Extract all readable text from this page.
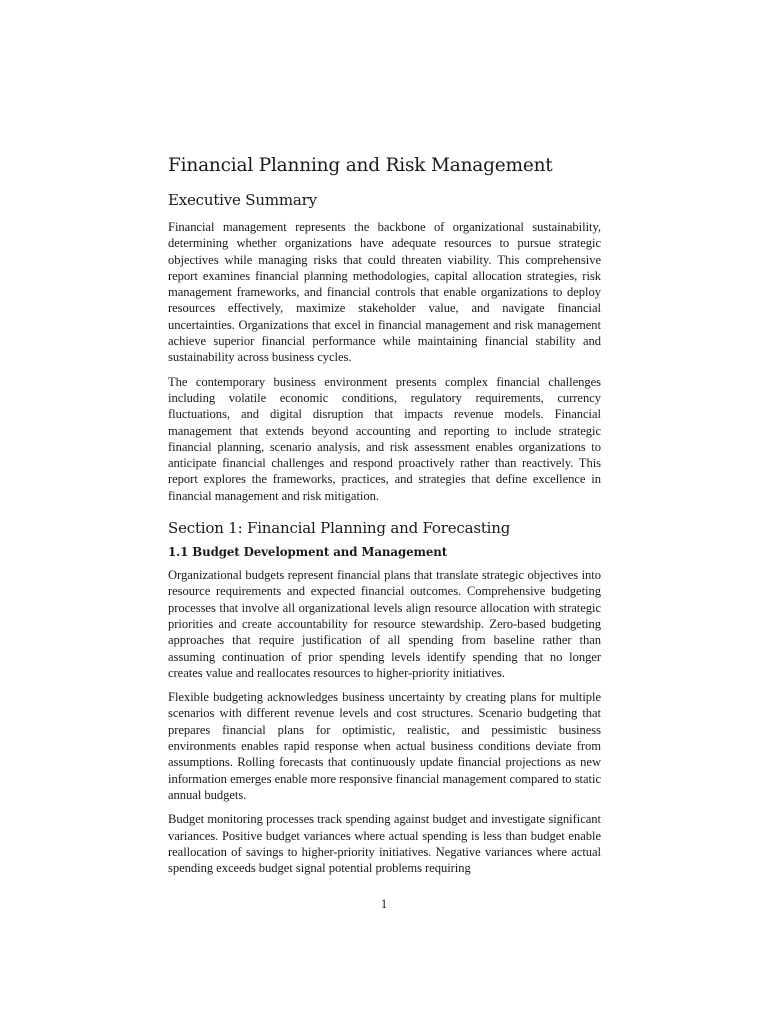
Financial Planning and Risk Management
Executive Summary

Financial management represents the backbone of organizational sustainability, determining whether organizations have adequate resources to pursue strategic objectives while managing risks that could threaten viability. This comprehensive report examines financial planning methodologies, capital allocation strategies, risk management frameworks, and financial controls that enable organizations to deploy resources effectively, maximize stakeholder value, and navigate financial uncertainties. Organizations that excel in financial management and risk management achieve superior financial performance while maintaining financial stability and sustainability across business cycles.

The contemporary business environment presents complex financial challenges including volatile economic conditions, regulatory requirements, currency fluctuations, and digital disruption that impacts revenue models. Financial management that extends beyond accounting and reporting to include strategic financial planning, scenario analysis, and risk assessment enables organizations to anticipate financial challenges and respond proactively rather than reactively. This report explores the frameworks, practices, and strategies that define excellence in financial management and risk mitigation.

Section 1: Financial Planning and Forecasting
1.1 Budget Development and Management

Organizational budgets represent financial plans that translate strategic objectives into resource requirements and expected financial outcomes. Comprehensive budgeting processes that involve all organizational levels align resource allocation with strategic priorities and create accountability for resource stewardship. Zero-based budgeting approaches that require justification of all spending from baseline rather than assuming continuation of prior spending levels identify spending that no longer creates value and reallocates resources to higher-priority initiatives.

Flexible budgeting acknowledges business uncertainty by creating plans for multiple scenarios with different revenue levels and cost structures. Scenario budgeting that prepares financial plans for optimistic, realistic, and pessimistic business environments enables rapid response when actual business conditions deviate from assumptions. Rolling forecasts that continuously update financial projections as new information emerges enable more responsive financial management compared to static annual budgets.

Budget monitoring processes track spending against budget and investigate significant variances. Positive budget variances where actual spending is less than budget enable reallocation of savings to higher-priority initiatives. Negative variances where actual spending exceeds budget signal potential problems requiring

1
